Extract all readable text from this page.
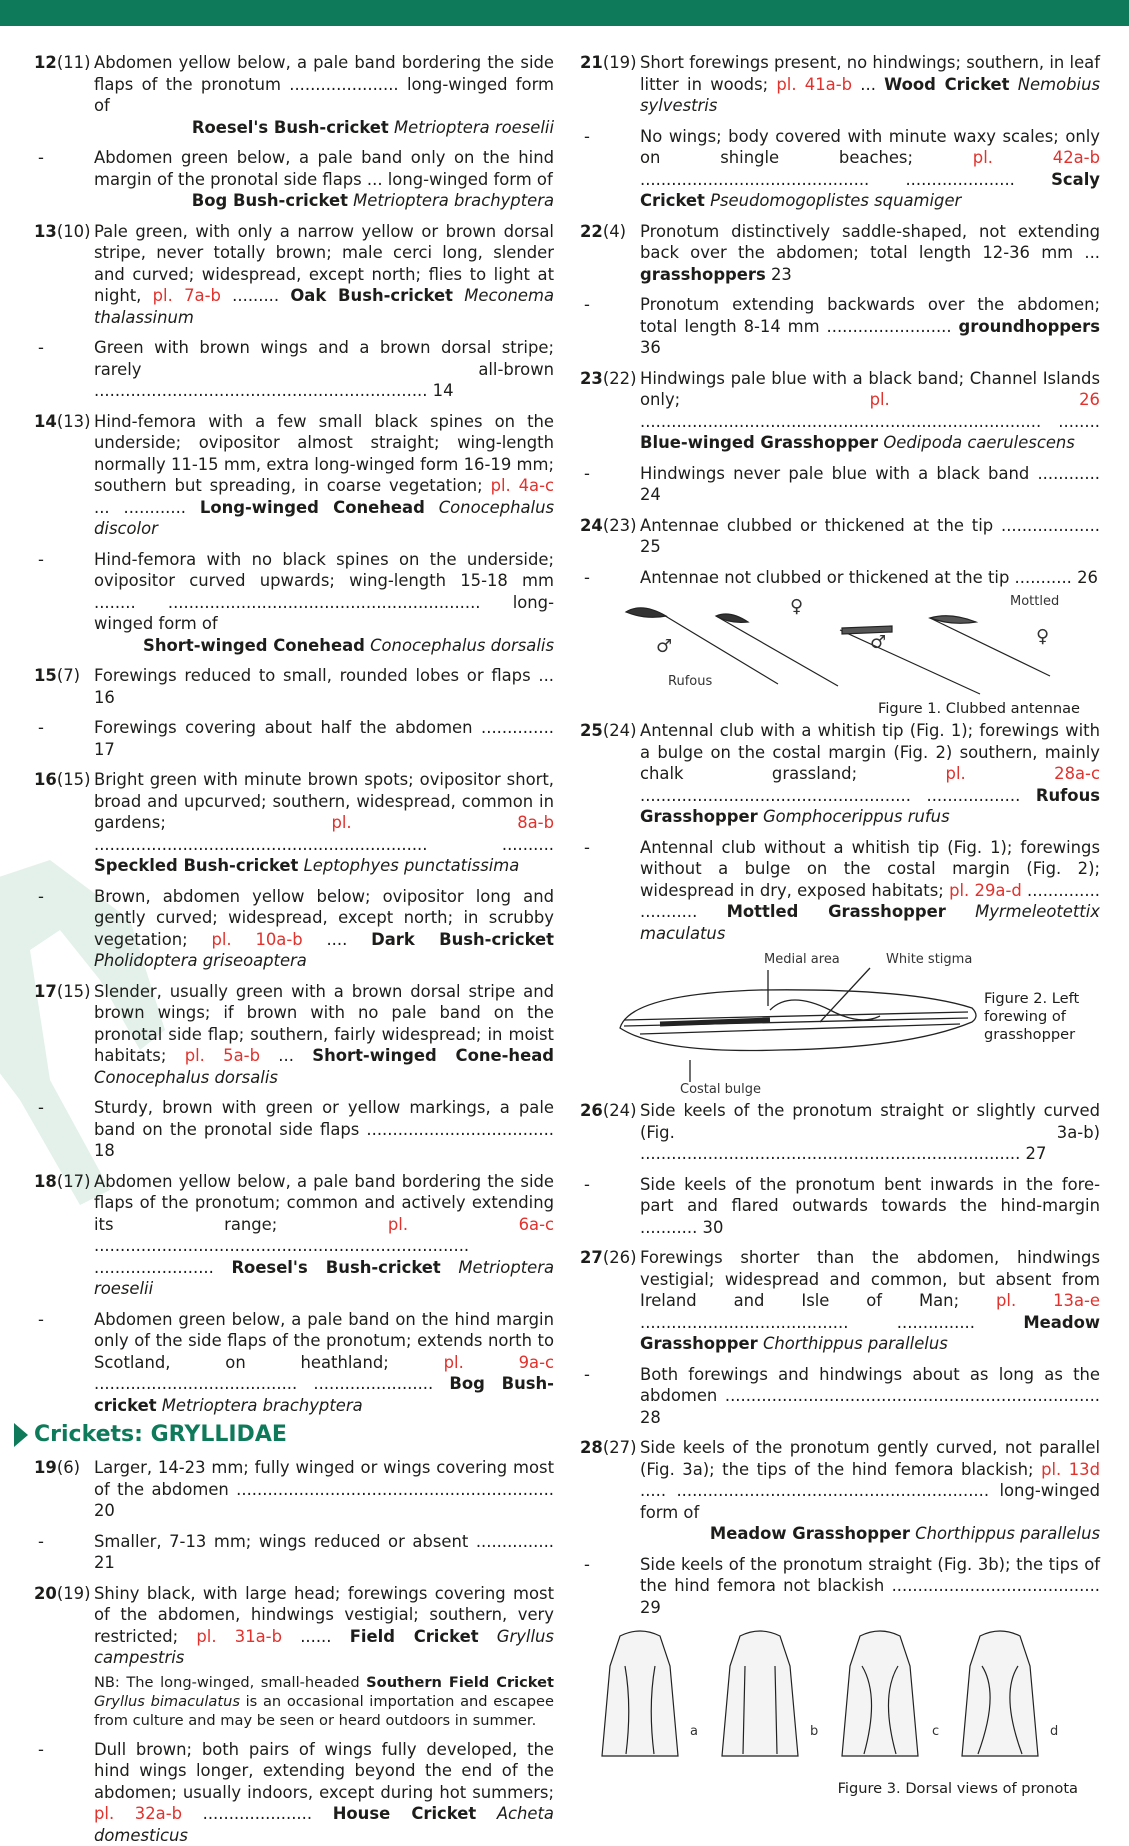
12(11) Abdomen yellow below, a pale band bordering the side flaps of the pronotum ..................... long-winged form of
Roesel's Bush-cricket Metrioptera roeselii
-	Abdomen green below, a pale band only on the hind margin of the pronotal side flaps ... long-winged form of
Bog Bush-cricket Metrioptera brachyptera
13(10) Pale green, with only a narrow yellow or brown dorsal stripe, never totally brown; male cerci long, slender and curved; widespread, except north; flies to light at night, pl. 7a-b ......... Oak Bush-cricket Meconema thalassinum
-	Green with brown wings and a brown dorsal stripe; rarely all-brown ................................................................ 14
14(13) Hind-femora with a few small black spines on the underside; ovipositor almost straight; wing-length normally 11-15 mm, extra long-winged form 16-19 mm; southern but spreading, in coarse vegetation; pl. 4a-c ... ............ Long-winged Conehead Conocephalus discolor
-	Hind-femora with no black spines on the underside; ovipositor curved upwards; wing-length 15-18 mm ........ ............................................................ long-winged form of
Short-winged Conehead Conocephalus dorsalis
15(7) Forewings reduced to small, rounded lobes or flaps ... 16
-	Forewings covering about half the abdomen .............. 17
16(15) Bright green with minute brown spots; ovipositor short, broad and upcurved; southern, widespread, common in gardens; pl. 8a-b ................................................................ .......... Speckled Bush-cricket Leptophyes punctatissima
-	Brown, abdomen yellow below; ovipositor long and gently curved; widespread, except north; in scrubby vegetation; pl. 10a-b .... Dark Bush-cricket Pholidoptera griseoaptera
17(15) Slender, usually green with a brown dorsal stripe and brown wings; if brown with no pale band on the pronotal side flap; southern, fairly widespread; in moist habitats; pl. 5a-b ... Short-winged Cone-head Conocephalus dorsalis
-	Sturdy, brown with green or yellow markings, a pale band on the pronotal side flaps .................................... 18
18(17) Abdomen yellow below, a pale band bordering the side flaps of the pronotum; common and actively extending its range; pl. 6a-c ........................................................................ ....................... Roesel's Bush-cricket Metrioptera roeselii
-	Abdomen green below, a pale band on the hind margin only of the side flaps of the pronotum; extends north to Scotland, on heathland; pl. 9a-c ....................................... ....................... Bog Bush-cricket Metrioptera brachyptera
Crickets: GRYLLIDAE
19(6) Larger, 14-23 mm; fully winged or wings covering most of the abdomen ............................................................. 20
-	Smaller, 7-13 mm; wings reduced or absent ............... 21
20(19) Shiny black, with large head; forewings covering most of the abdomen, hindwings vestigial; southern, very restricted; pl. 31a-b ...... Field Cricket Gryllus campestris
NB: The long-winged, small-headed Southern Field Cricket Gryllus bimaculatus is an occasional importation and escapee from culture and may be seen or heard outdoors in summer.
-	Dull brown; both pairs of wings fully developed, the hind wings longer, extending beyond the end of the abdomen; usually indoors, except during hot summers; pl. 32a-b ..................... House Cricket Acheta domesticus
21(19) Short forewings present, no hindwings; southern, in leaf litter in woods; pl. 41a-b ... Wood Cricket Nemobius sylvestris
-	No wings; body covered with minute waxy scales; only on shingle beaches; pl. 42a-b ............................................ ..................... Scaly Cricket Pseudomogoplistes squamiger
22(4) Pronotum distinctively saddle-shaped, not extending back over the abdomen; total length 12-36 mm ... grasshoppers 23
-	Pronotum extending backwards over the abdomen; total length 8-14 mm ........................ groundhoppers 36
23(22) Hindwings pale blue with a black band; Channel Islands only; pl. 26 ............................................................................. ........ Blue-winged Grasshopper Oedipoda caerulescens
-	Hindwings never pale blue with a black band ............ 24
24(23) Antennae clubbed or thickened at the tip ................... 25
-	Antennae not clubbed or thickened at the tip ........... 26
Rufous
Mottled
♂
♀
♂	♀
Figure 1. Clubbed antennae
25(24) Antennal club with a whitish tip (Fig. 1); forewings with a bulge on the costal margin (Fig. 2) southern, mainly chalk grassland; pl. 28a-c .................................................... .................. Rufous Grasshopper Gomphocerippus rufus
-	Antennal club without a whitish tip (Fig. 1); forewings without a bulge on the costal margin (Fig. 2); widespread in dry, exposed habitats; pl. 29a-d .............. ........... Mottled Grasshopper Myrmeleotettix maculatus
Medial area	White stigma
Costal bulge
Figure 2. Left forewing of grasshopper
26(24) Side keels of the pronotum straight or slightly curved (Fig. 3a-b) ......................................................................... 27
-	Side keels of the pronotum bent inwards in the fore-part and flared outwards towards the hind-margin ........... 30
27(26) Forewings shorter than the abdomen, hindwings vestigial; widespread and common, but absent from Ireland and Isle of Man; pl. 13a-e ........................................ ............... Meadow Grasshopper Chorthippus parallelus
-	Both forewings and hindwings about as long as the abdomen ........................................................................ 28
28(27) Side keels of the pronotum gently curved, not parallel (Fig. 3a); the tips of the hind femora blackish; pl. 13d ..... ............................................................ long-winged form of
Meadow Grasshopper Chorthippus parallelus
-	Side keels of the pronotum straight (Fig. 3b); the tips of the hind femora not blackish ........................................ 29
a	b	c	d
Figure 3. Dorsal views of pronota
